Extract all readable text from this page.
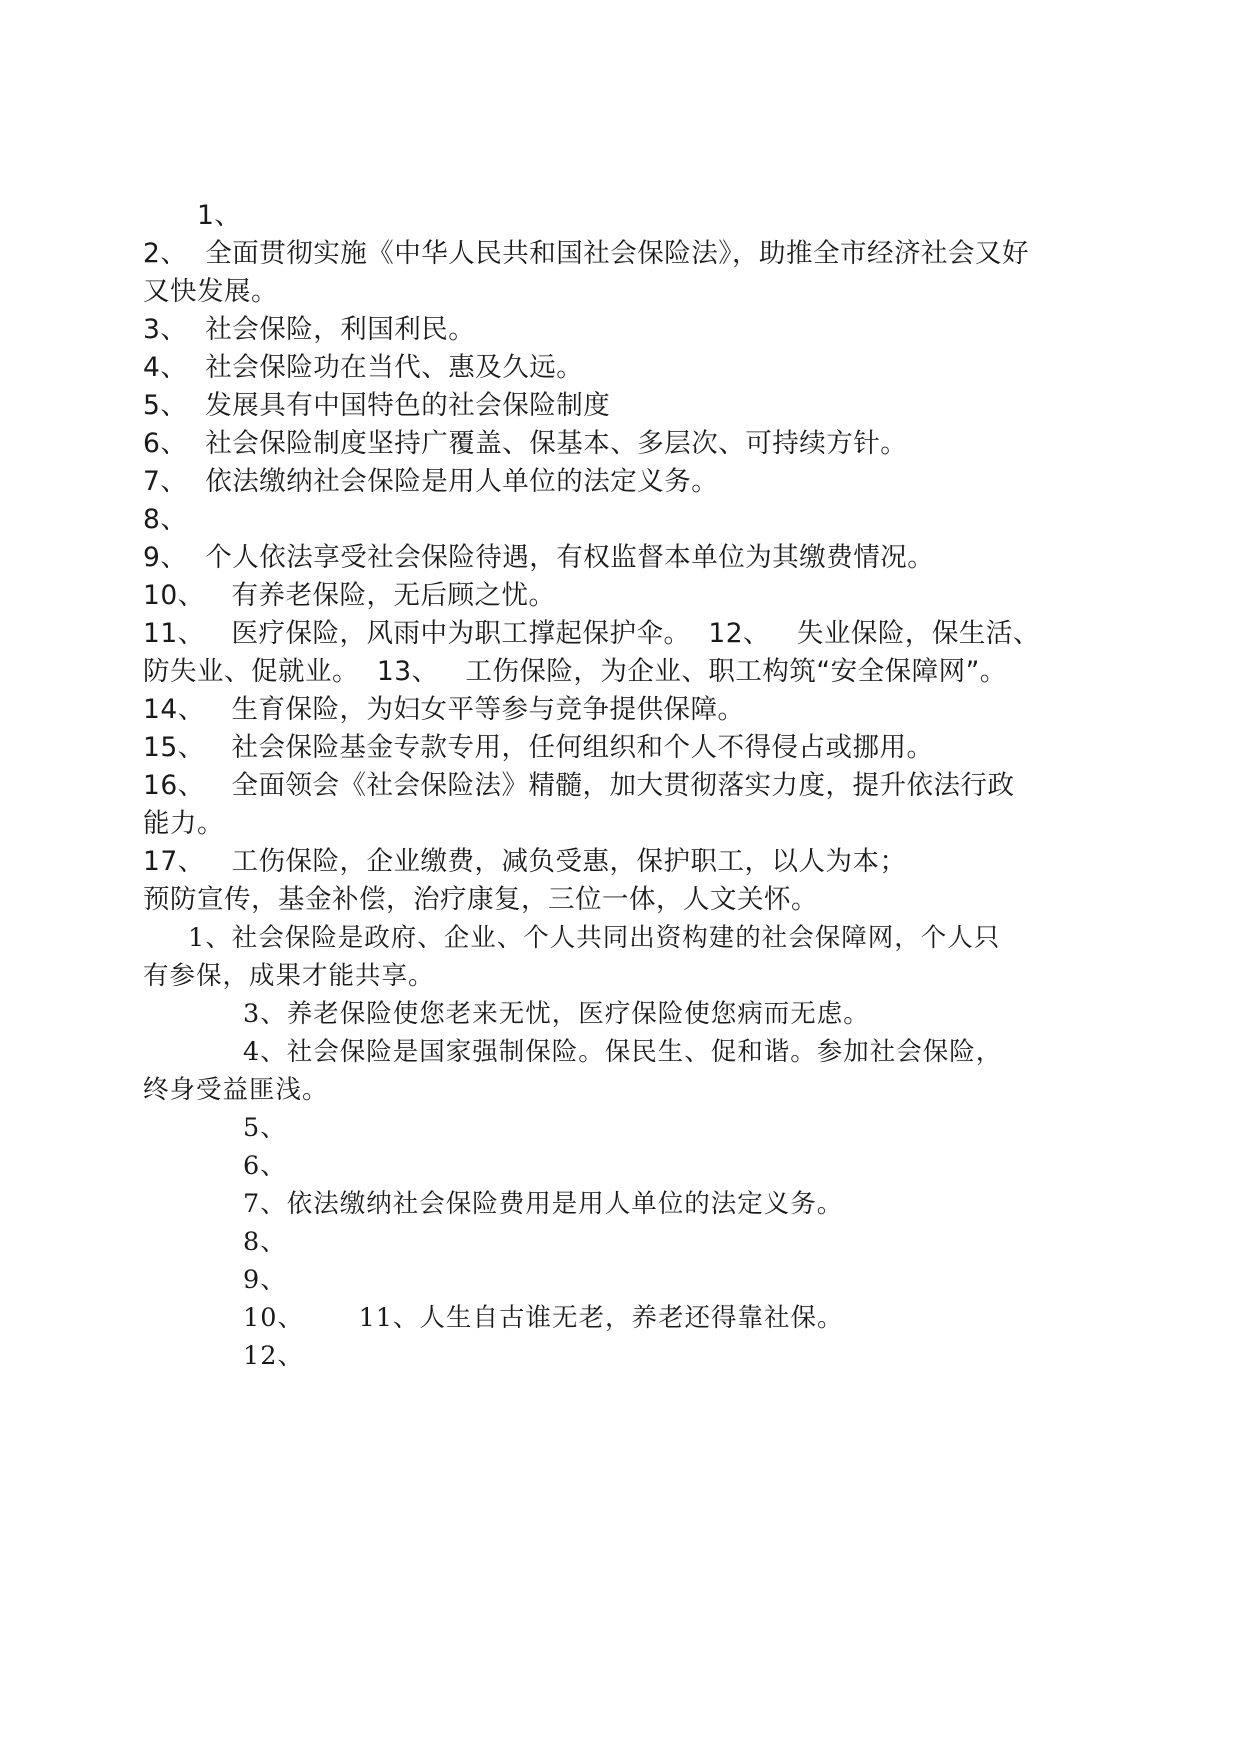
1、

2、  全面贯彻实施《中华人民共和国社会保险法》，助推全市经济社会又好

又快发展。

3、  社会保险，利国利民。

4、  社会保险功在当代、惠及久远。

5、  发展具有中国特色的社会保险制度

6、  社会保险制度坚持广覆盖、保基本、多层次、可持续方针。

7、  依法缴纳社会保险是用人单位的法定义务。

8、

9、  个人依法享受社会保险待遇，有权监督本单位为其缴费情况。

10、   有养老保险，无后顾之忧。

11、   医疗保险，风雨中为职工撑起保护伞。  12、   失业保险，保生活、

防失业、促就业。  13、   工伤保险，为企业、职工构筑“安全保障网”。

14、   生育保险，为妇女平等参与竞争提供保障。

15、   社会保险基金专款专用，任何组织和个人不得侵占或挪用。

16、   全面领会《社会保险法》精髓，加大贯彻落实力度，提升依法行政

能力。

17、   工伤保险，企业缴费，减负受惠，保护职工，以人为本；

预防宣传，基金补偿，治疗康复，三位一体，人文关怀。

1、社会保险是政府、企业、个人共同出资构建的社会保障网，个人只

有参保，成果才能共享。

3、养老保险使您老来无忧，医疗保险使您病而无虑。

4、社会保险是国家强制保险。保民生、促和谐。参加社会保险，

终身受益匪浅。

5、

6、

7、依法缴纳社会保险费用是用人单位的法定义务。

8、

9、

10、      11、人生自古谁无老，养老还得靠社保。

12、
